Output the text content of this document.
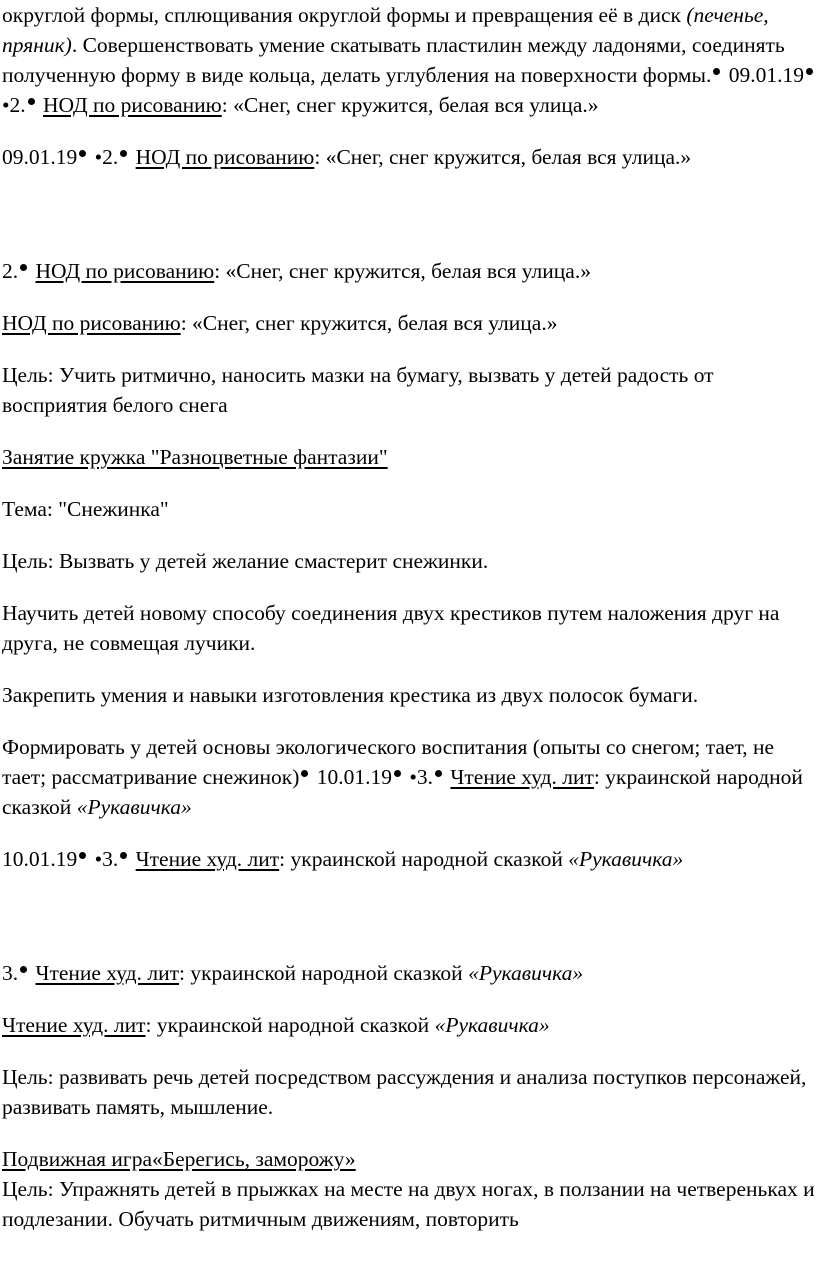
округлой формы, сплющивания округлой формы и превращения её в диск (печенье, пряник). Совершенствовать умение скатывать пластилин между ладонями, соединять полученную форму в виде кольца, делать углубления на поверхности формы. 09.01.19 •2. НОД по рисованию: «Снег, снег кружится, белая вся улица.»

09.01.19 •2. НОД по рисованию: «Снег, снег кружится, белая вся улица.»

2. НОД по рисованию: «Снег, снег кружится, белая вся улица.»

НОД по рисованию: «Снег, снег кружится, белая вся улица.»

Цель: Учить ритмично, наносить мазки на бумагу, вызвать у детей радость от восприятия белого снега

Занятие кружка "Разноцветные фантазии"

Тема: "Снежинка"

Цель: Вызвать у детей желание смастерит снежинки.

Научить детей новому способу соединения двух крестиков путем наложения друг на друга, не совмещая лучики.

Закрепить умения и навыки изготовления крестика из двух полосок бумаги.

Формировать у детей основы экологического воспитания (опыты со снегом; тает, не тает; рассматривание снежинок) 10.01.19 •3. Чтение худ. лит: украинской народной сказкой «Рукавичка»

10.01.19 •3. Чтение худ. лит: украинской народной сказкой «Рукавичка»

3. Чтение худ. лит: украинской народной сказкой «Рукавичка»

Чтение худ. лит: украинской народной сказкой «Рукавичка»

Цель: развивать речь детей посредством рассуждения и анализа поступков персонажей, развивать память, мышление.

Подвижная игра«Берегись, заморожу»

Цель: Упражнять детей в прыжках на месте на двух ногах, в ползании на четвереньках и подлезании. Обучать ритмичным движениям, повторить
